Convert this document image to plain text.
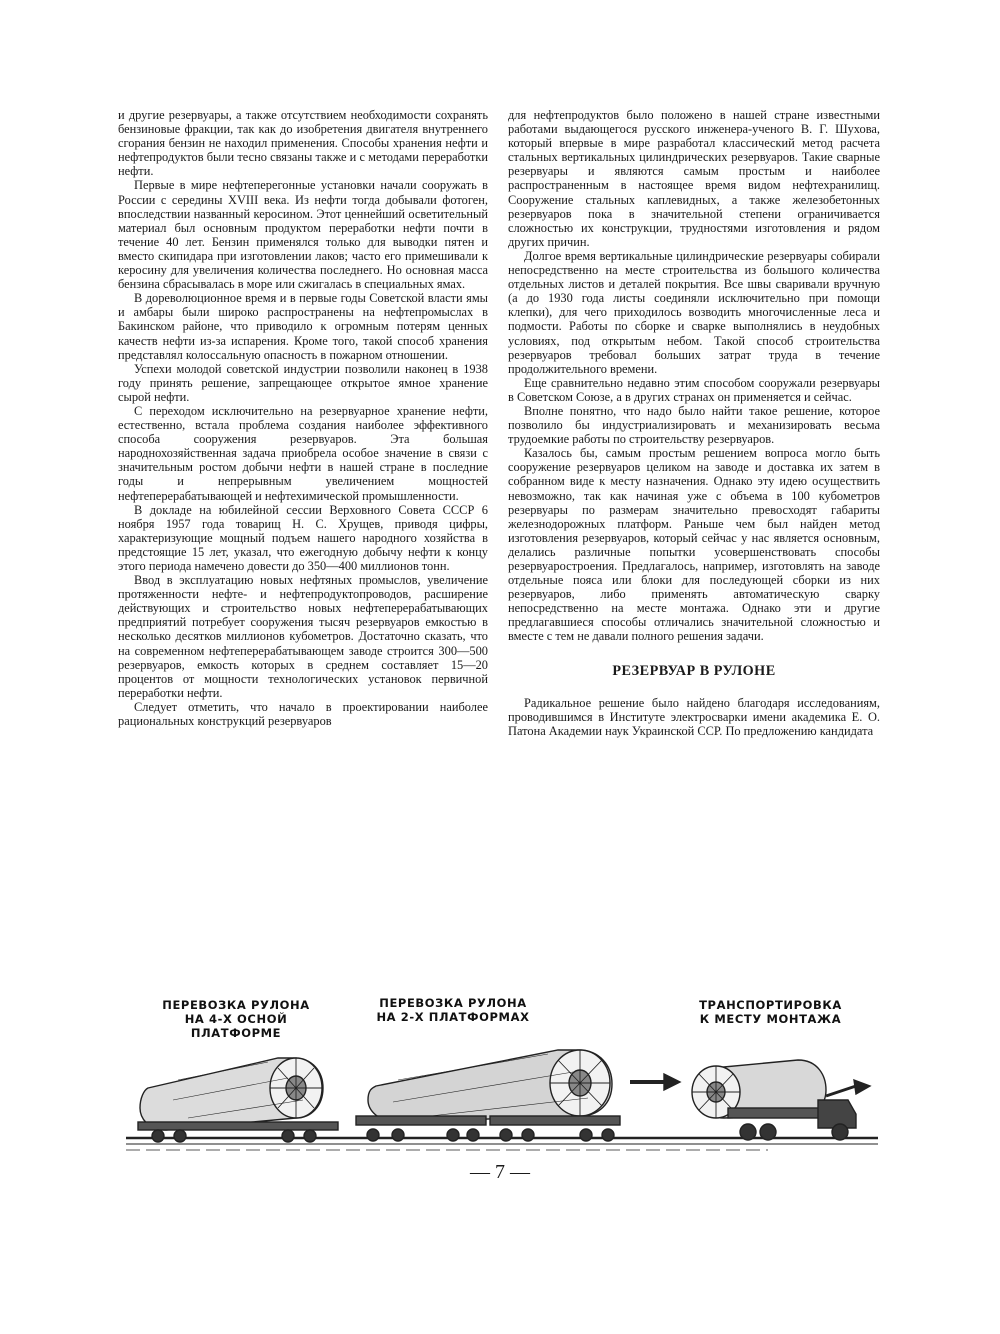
и другие резервуары, а также отсутствием необходимости сохранять бензиновые фракции, так как до изобретения двигателя внутреннего сгорания бензин не находил применения. Способы хранения нефти и нефтепродуктов были тесно связаны также и с методами переработки нефти.

Первые в мире нефтеперегонные установки начали сооружать в России с середины XVIII века. Из нефти тогда добывали фотоген, впоследствии названный керосином. Этот ценнейший осветительный материал был основным продуктом переработки нефти почти в течение 40 лет. Бензин применялся только для выводки пятен и вместо скипидара при изготовлении лаков; часто его примешивали к керосину для увеличения количества последнего. Но основная масса бензина сбрасывалась в море или сжигалась в специальных ямах.

В дореволюционное время и в первые годы Советской власти ямы и амбары были широко распространены на нефтепромыслах в Бакинском районе, что приводило к огромным потерям ценных качеств нефти из-за испарения. Кроме того, такой способ хранения представлял колоссальную опасность в пожарном отношении.

Успехи молодой советской индустрии позволили наконец в 1938 году принять решение, запрещающее открытое ямное хранение сырой нефти.

С переходом исключительно на резервуарное хранение нефти, естественно, встала проблема создания наиболее эффективного способа сооружения резервуаров. Эта большая народнохозяйственная задача приобрела особое значение в связи с значительным ростом добычи нефти в нашей стране в последние годы и непрерывным увеличением мощностей нефтеперерабатывающей и нефтехимической промышленности.

В докладе на юбилейной сессии Верховного Совета СССР 6 ноября 1957 года товарищ Н. С. Хрущев, приводя цифры, характеризующие мощный подъем нашего народного хозяйства в предстоящие 15 лет, указал, что ежегодную добычу нефти к концу этого периода намечено довести до 350—400 миллионов тонн.

Ввод в эксплуатацию новых нефтяных промыслов, увеличение протяженности нефте- и нефтепродуктопроводов, расширение действующих и строительство новых нефтеперерабатывающих предприятий потребует сооружения тысяч резервуаров емкостью в несколько десятков миллионов кубометров. Достаточно сказать, что на современном нефтеперерабатывающем заводе строится 300—500 резервуаров, емкость которых в среднем составляет 15—20 процентов от мощности технологических установок первичной переработки нефти.

Следует отметить, что начало в проектировании наиболее рациональных конструкций резервуаров

для нефтепродуктов было положено в нашей стране известными работами выдающегося русского инженера-ученого В. Г. Шухова, который впервые в мире разработал классический метод расчета стальных вертикальных цилиндрических резервуаров. Такие сварные резервуары и являются самым простым и наиболее распространенным в настоящее время видом нефтехранилищ. Сооружение стальных каплевидных, а также железобетонных резервуаров пока в значительной степени ограничивается сложностью их конструкции, трудностями изготовления и рядом других причин.

Долгое время вертикальные цилиндрические резервуары собирали непосредственно на месте строительства из большого количества отдельных листов и деталей покрытия. Все швы сваривали вручную (а до 1930 года листы соединяли исключительно при помощи клепки), для чего приходилось возводить многочисленные леса и подмости. Работы по сборке и сварке выполнялись в неудобных условиях, под открытым небом. Такой способ строительства резервуаров требовал больших затрат труда в течение продолжительного времени.

Еще сравнительно недавно этим способом сооружали резервуары в Советском Союзе, а в других странах он применяется и сейчас.

Вполне понятно, что надо было найти такое решение, которое позволило бы индустриализировать и механизировать весьма трудоемкие работы по строительству резервуаров.

Казалось бы, самым простым решением вопроса могло быть сооружение резервуаров целиком на заводе и доставка их затем в собранном виде к месту назначения. Однако эту идею осуществить невозможно, так как начиная уже с объема в 100 кубометров резервуары по размерам значительно превосходят габариты железнодорожных платформ. Раньше чем был найден метод изготовления резервуаров, который сейчас у нас является основным, делались различные попытки усовершенствовать способы резервуаростроения. Предлагалось, например, изготовлять на заводе отдельные пояса или блоки для последующей сборки из них резервуаров, либо применять автоматическую сварку непосредственно на месте монтажа. Однако эти и другие предлагавшиеся способы отличались значительной сложностью и вместе с тем не давали полного решения задачи.

РЕЗЕРВУАР В РУЛОНЕ

Радикальное решение было найдено благодаря исследованиям, проводившимся в Институте электросварки имени академика Е. О. Патона Академии наук Украинской ССР. По предложению кандидата

ПЕРЕВОЗКА РУЛОНА
НА 4-Х ОСНОЙ ПЛАТФОРМЕ
ПЕРЕВОЗКА РУЛОНА
НА 2-Х ПЛАТФОРМАХ
ТРАНСПОРТИРОВКА
К МЕСТУ МОНТАЖА
— 7 —
